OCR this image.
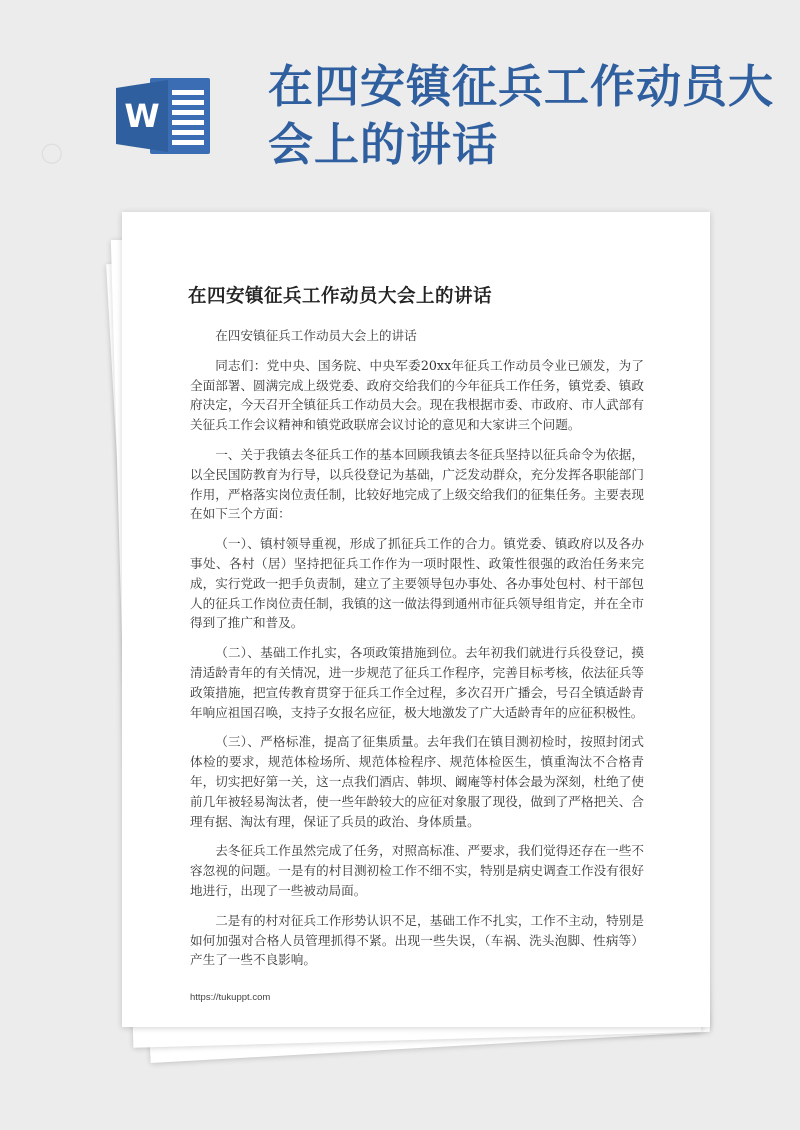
W
在四安镇征兵工作动员大会上的讲话
◯
在四安镇征兵工作动员大会上的讲话

在四安镇征兵工作动员大会上的讲话

同志们：党中央、国务院、中央军委20xx年征兵工作动员令业已颁发，为了全面部署、圆满完成上级党委、政府交给我们的今年征兵工作任务，镇党委、镇政府决定，今天召开全镇征兵工作动员大会。现在我根据市委、市政府、市人武部有关征兵工作会议精神和镇党政联席会议讨论的意见和大家讲三个问题。

一、关于我镇去冬征兵工作的基本回顾我镇去冬征兵坚持以征兵命令为依据，以全民国防教育为行导，以兵役登记为基础，广泛发动群众，充分发挥各职能部门作用，严格落实岗位责任制，比较好地完成了上级交给我们的征集任务。主要表现在如下三个方面：

（一）、镇村领导重视，形成了抓征兵工作的合力。镇党委、镇政府以及各办事处、各村（居）坚持把征兵工作作为一项时限性、政策性很强的政治任务来完成，实行党政一把手负责制，建立了主要领导包办事处、各办事处包村、村干部包人的征兵工作岗位责任制，我镇的这一做法得到通州市征兵领导组肯定，并在全市得到了推广和普及。

（二）、基础工作扎实，各项政策措施到位。去年初我们就进行兵役登记，摸清适龄青年的有关情况，进一步规范了征兵工作程序，完善目标考核，依法征兵等政策措施，把宣传教育贯穿于征兵工作全过程，多次召开广播会，号召全镇适龄青年响应祖国召唤，支持子女报名应征，极大地激发了广大适龄青年的应征积极性。

（三）、严格标准，提高了征集质量。去年我们在镇目测初检时，按照封闭式体检的要求，规范体检场所、规范体检程序、规范体检医生，慎重淘汰不合格青年，切实把好第一关，这一点我们酒店、韩坝、阚庵等村体会最为深刻，杜绝了使前几年被轻易淘汰者，使一些年龄较大的应征对象服了现役，做到了严格把关、合理有据、淘汰有理，保证了兵员的政治、身体质量。

去冬征兵工作虽然完成了任务，对照高标准、严要求，我们觉得还存在一些不容忽视的问题。一是有的村目测初检工作不细不实，特别是病史调查工作没有很好地进行，出现了一些被动局面。

二是有的村对征兵工作形势认识不足，基础工作不扎实，工作不主动，特别是如何加强对合格人员管理抓得不紧。出现一些失误，（车祸、洗头泡脚、性病等）产生了一些不良影响。

https://tukuppt.com
